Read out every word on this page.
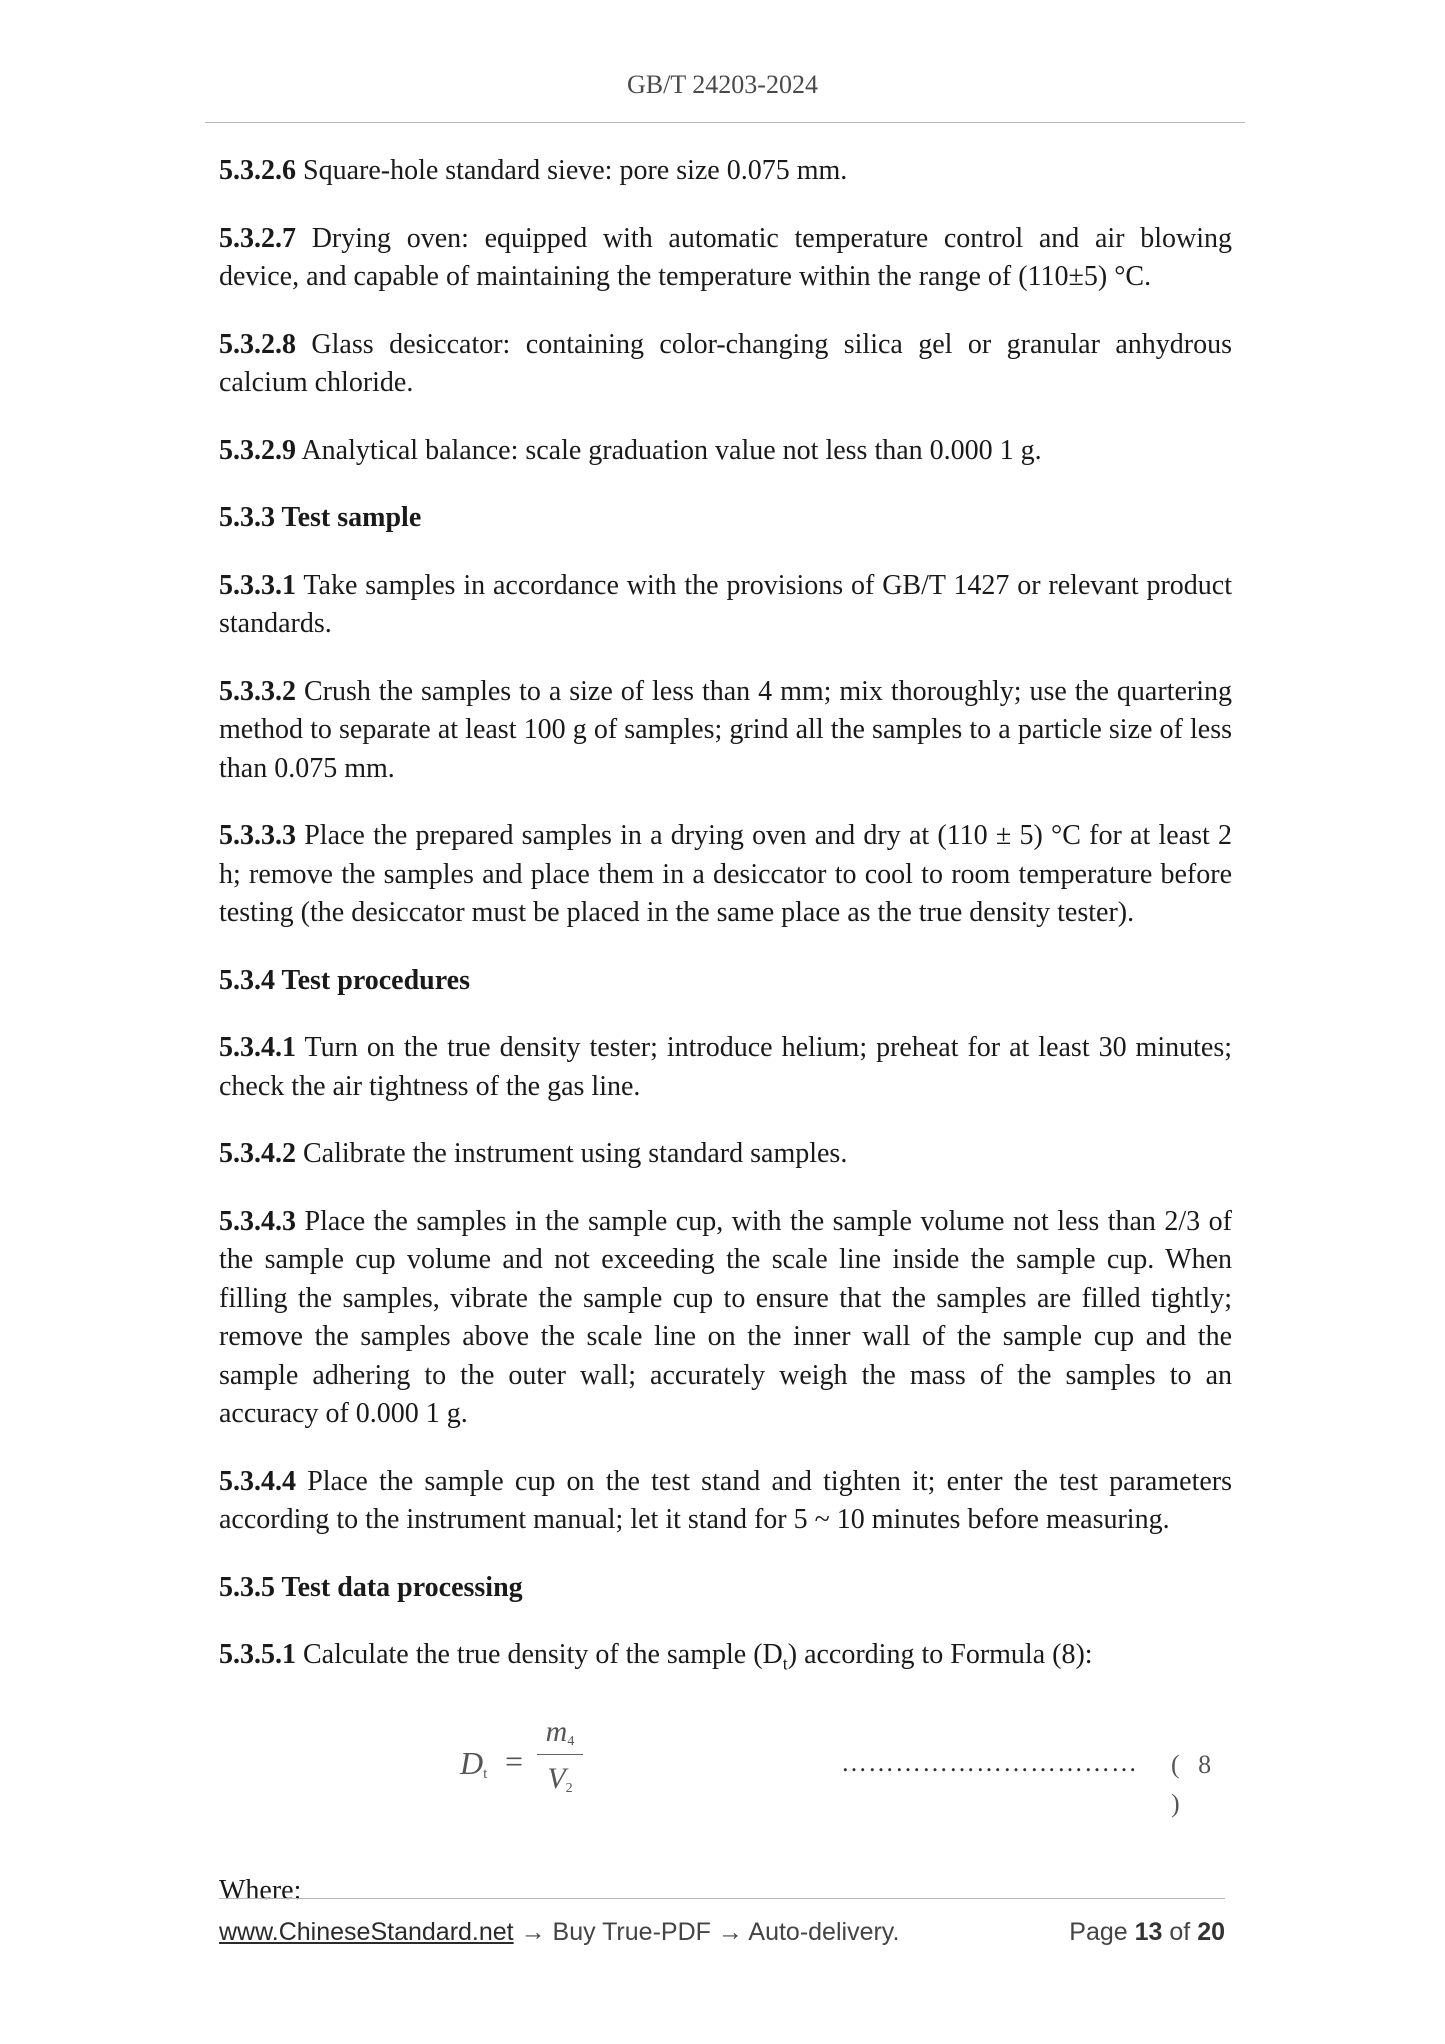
GB/T 24203-2024

5.3.2.6 Square-hole standard sieve: pore size 0.075 mm.

5.3.2.7 Drying oven: equipped with automatic temperature control and air blowing device, and capable of maintaining the temperature within the range of (110±5) °C.

5.3.2.8 Glass desiccator: containing color-changing silica gel or granular anhydrous calcium chloride.

5.3.2.9 Analytical balance: scale graduation value not less than 0.000 1 g.

5.3.3 Test sample

5.3.3.1 Take samples in accordance with the provisions of GB/T 1427 or relevant product standards.

5.3.3.2 Crush the samples to a size of less than 4 mm; mix thoroughly; use the quartering method to separate at least 100 g of samples; grind all the samples to a particle size of less than 0.075 mm.

5.3.3.3 Place the prepared samples in a drying oven and dry at (110 ± 5) °C for at least 2 h; remove the samples and place them in a desiccator to cool to room temperature before testing (the desiccator must be placed in the same place as the true density tester).

5.3.4 Test procedures

5.3.4.1 Turn on the true density tester; introduce helium; preheat for at least 30 minutes; check the air tightness of the gas line.

5.3.4.2 Calibrate the instrument using standard samples.

5.3.4.3 Place the samples in the sample cup, with the sample volume not less than 2/3 of the sample cup volume and not exceeding the scale line inside the sample cup. When filling the samples, vibrate the sample cup to ensure that the samples are filled tightly; remove the samples above the scale line on the inner wall of the sample cup and the sample adhering to the outer wall; accurately weigh the mass of the samples to an accuracy of 0.000 1 g.

5.3.4.4 Place the sample cup on the test stand and tighten it; enter the test parameters according to the instrument manual; let it stand for 5 ~ 10 minutes before measuring.

5.3.5 Test data processing

5.3.5.1 Calculate the true density of the sample $(D_t)$ according to Formula (8):

$D_t$ =
$m_4$
$V_2$
…………………………… ( 8 )

Where:

www.ChineseStandard.net → Buy True-PDF → Auto-delivery.	Page 13 of 20
